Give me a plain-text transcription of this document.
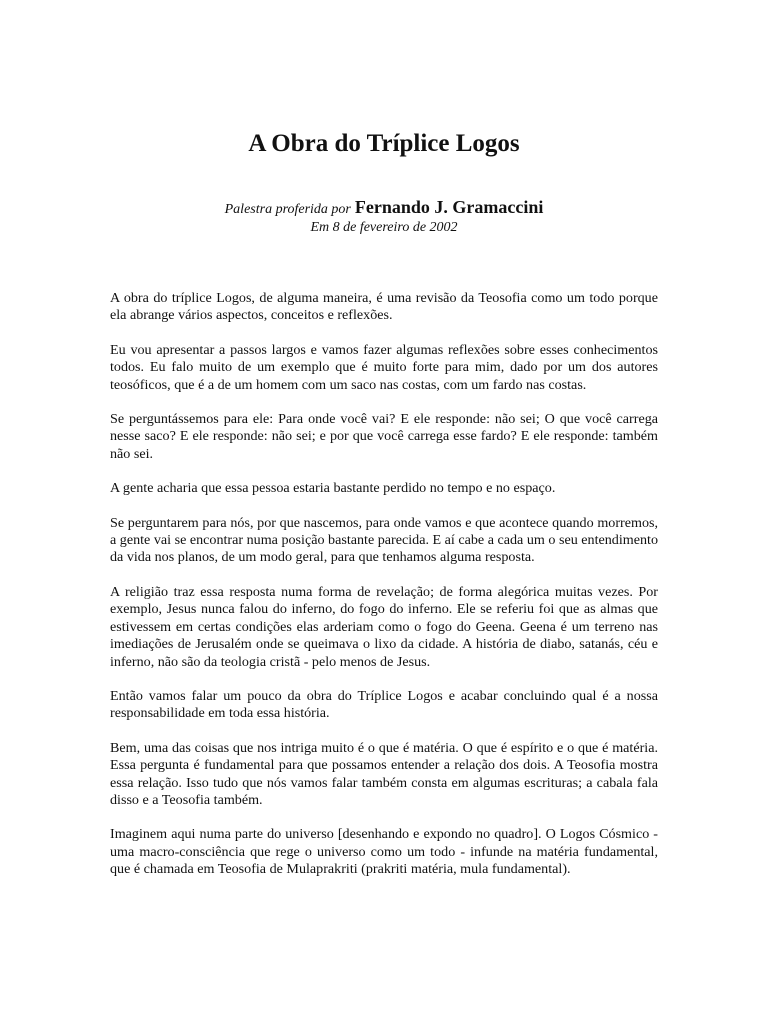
A Obra do Tríplice Logos

Palestra proferida por Fernando J. Gramaccini

Em 8 de fevereiro de 2002

A obra do tríplice Logos, de alguma maneira, é uma revisão da Teosofia como um todo porque ela abrange vários aspectos, conceitos e reflexões.

Eu vou apresentar a passos largos e vamos fazer algumas reflexões sobre esses conhecimentos todos. Eu falo muito de um exemplo que é muito forte para mim, dado por um dos autores teosóficos, que é a de um homem com um saco nas costas, com um fardo nas costas.

Se perguntássemos para ele: Para onde você vai? E ele responde: não sei; O que você carrega nesse saco? E ele responde: não sei; e por que você carrega esse fardo? E ele responde: também não sei.

A gente acharia que essa pessoa estaria bastante perdido no tempo e no espaço.

Se perguntarem para nós, por que nascemos, para onde vamos e que acontece quando morremos, a gente vai se encontrar numa posição bastante parecida. E aí cabe a cada um o seu entendimento da vida nos planos, de um modo geral, para que tenhamos alguma resposta.

A religião traz essa resposta numa forma de revelação; de forma alegórica muitas vezes. Por exemplo, Jesus nunca falou do inferno, do fogo do inferno. Ele se referiu foi que as almas que estivessem em certas condições elas arderiam como o fogo do Geena. Geena é um terreno nas imediações de Jerusalém onde se queimava o lixo da cidade. A história de diabo, satanás, céu e inferno, não são da teologia cristã - pelo menos de Jesus.

Então vamos falar um pouco da obra do Tríplice Logos e acabar concluindo qual é a nossa responsabilidade em toda essa história.

Bem, uma das coisas que nos intriga muito é o que é matéria. O que é espírito e o que é matéria. Essa pergunta é fundamental para que possamos entender a relação dos dois. A Teosofia mostra essa relação. Isso tudo que nós vamos falar também consta em algumas escrituras; a cabala fala disso e a Teosofia também.

Imaginem aqui numa parte do universo [desenhando e expondo no quadro]. O Logos Cósmico - uma macro-consciência que rege o universo como um todo - infunde na matéria fundamental, que é chamada em Teosofia de Mulaprakriti (prakriti matéria, mula fundamental).
